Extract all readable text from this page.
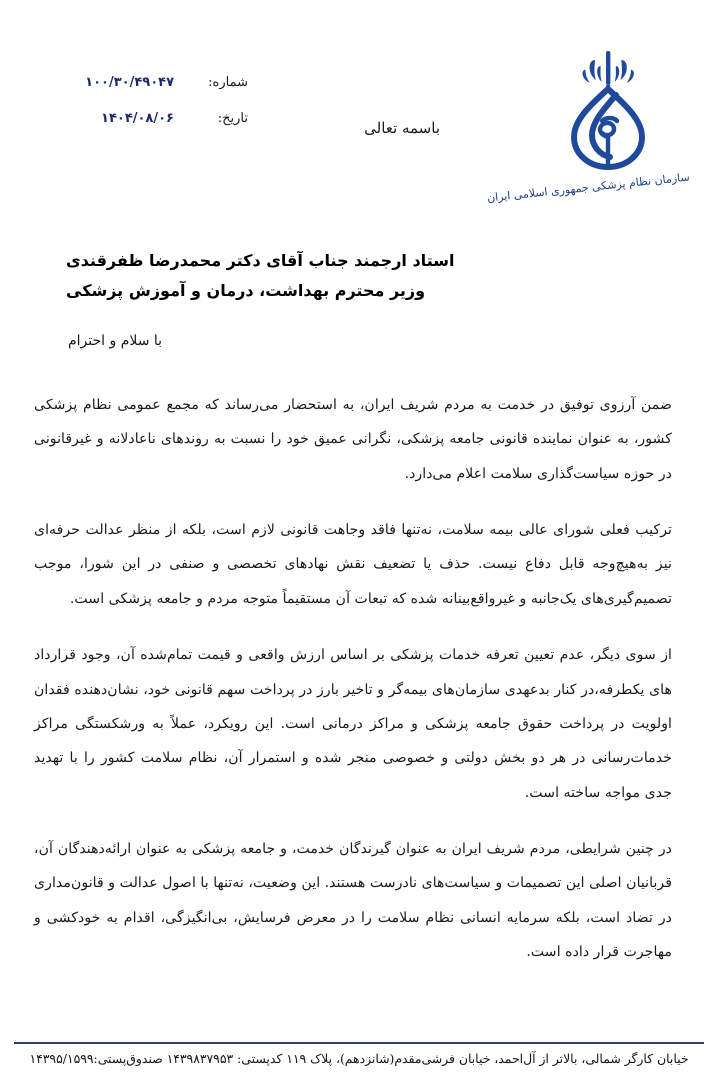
سازمان نظام پزشکی جمهوری اسلامی ایران
باسمه تعالی
شماره:
۱۰۰/۳۰/۴۹۰۴۷
تاریخ:
۱۴۰۴/۰۸/۰۶
استاد ارجمند جناب آقای دکتر محمدرضا ظفرقندی
وزیر محترم بهداشت، درمان و آموزش پزشکی
با سلام و احترام

ضمن آرزوی توفیق در خدمت به مردم شریف ایران، به استحضار می‌رساند که مجمع عمومی نظام پزشکی کشور، به عنوان نماینده قانونی جامعه پزشکی، نگرانی عمیق خود را نسبت به روندهای ناعادلانه و غیرقانونی در حوزه سیاست‌گذاری سلامت اعلام می‌دارد.

ترکیب فعلی شورای عالی بیمه سلامت، نه‌تنها فاقد وجاهت قانونی لازم است، بلکه از منظر عدالت حرفه‌ای نیز به‌هیچ‌وجه قابل دفاع نیست. حذف یا تضعیف نقش نهادهای تخصصی و صنفی در این شورا، موجب تصمیم‌گیری‌های یک‌جانبه و غیرواقع‌بینانه شده که تبعات آن مستقیماً متوجه مردم و جامعه پزشکی است.

از سوی دیگر، عدم تعیین تعرفه خدمات پزشکی بر اساس ارزش واقعی و قیمت تمام‌شده آن، وجود قرارداد های یکطرفه،در کنار بدعهدی سازمان‌های بیمه‌گر و تاخیر بارز در پرداخت سهم قانونی خود، نشان‌دهنده فقدان اولویت در پرداخت حقوق جامعه پزشکی و مراکز درمانی است. این رویکرد، عملاً به ورشکستگی مراکز خدمات‌رسانی در هر دو بخش دولتی و خصوصی منجر شده و استمرار آن، نظام سلامت کشور را با تهدید جدی مواجه ساخته است.

در چنین شرایطی، مردم شریف ایران به عنوان گیرندگان خدمت، و جامعه پزشکی به عنوان ارائه‌دهندگان آن، قربانیان اصلی این تصمیمات و سیاست‌های نادرست هستند. این وضعیت، نه‌تنها با اصول عدالت و قانون‌مداری در تضاد است، بلکه سرمایه انسانی نظام سلامت را در معرض فرسایش، بی‌انگیزگی، اقدام به خودکشی و مهاجرت قرار داده است.

خیابان کارگر شمالی، بالاتر از آل‌احمد، خیابان فرشی‌مقدم(شانزدهم)، پلاک ۱۱۹ کدپستی: ۱۴۳۹۸۳۷۹۵۳ صندوق‌پستی:۱۴۳۹۵/۱۵۹۹
